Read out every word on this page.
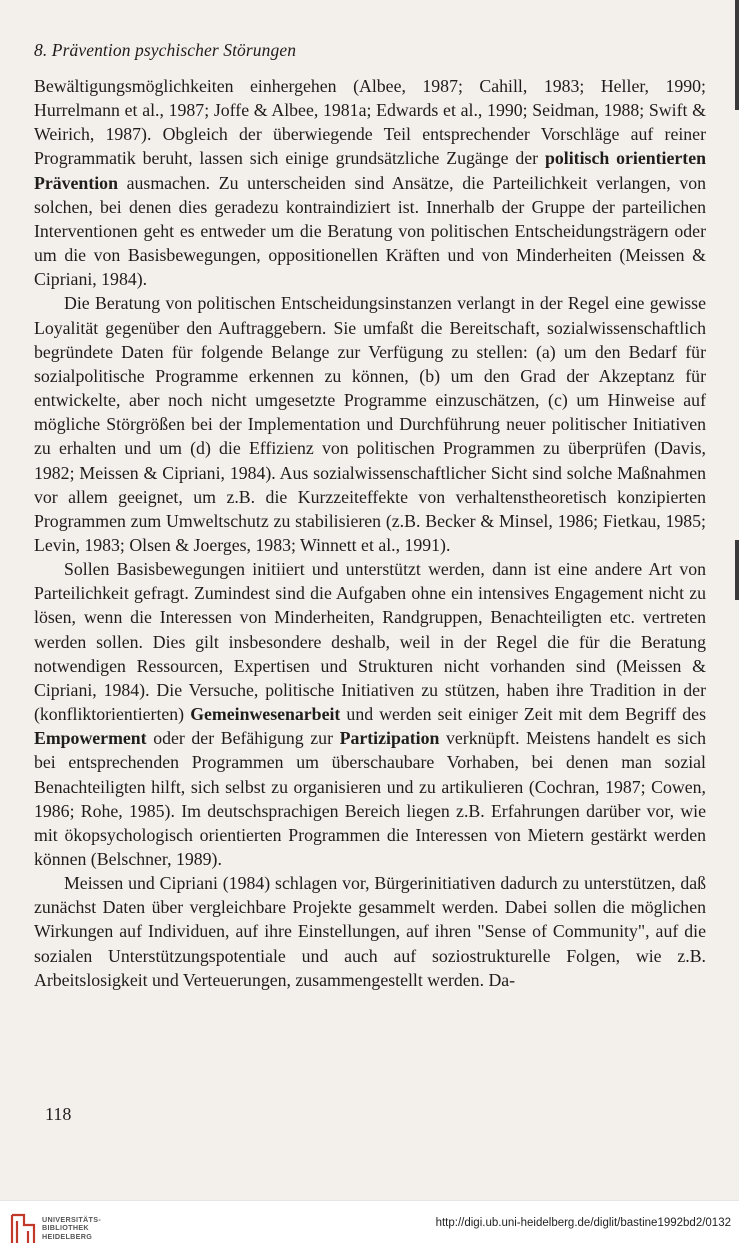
8. Prävention psychischer Störungen

Bewältigungsmöglichkeiten einhergehen (Albee, 1987; Cahill, 1983; Heller, 1990; Hurrelmann et al., 1987; Joffe & Albee, 1981a; Edwards et al., 1990; Seidman, 1988; Swift & Weirich, 1987). Obgleich der überwiegende Teil entsprechender Vorschläge auf reiner Programmatik beruht, lassen sich einige grundsätzliche Zugänge der politisch orientierten Prävention ausmachen. Zu unterscheiden sind Ansätze, die Parteilichkeit verlangen, von solchen, bei denen dies geradezu kontraindiziert ist. Innerhalb der Gruppe der parteilichen Interventionen geht es entweder um die Beratung von politischen Entscheidungsträgern oder um die von Basisbewegungen, oppositionellen Kräften und von Minderheiten (Meissen & Cipriani, 1984).

Die Beratung von politischen Entscheidungsinstanzen verlangt in der Regel eine gewisse Loyalität gegenüber den Auftraggebern. Sie umfaßt die Bereitschaft, sozialwissenschaftlich begründete Daten für folgende Belange zur Verfügung zu stellen: (a) um den Bedarf für sozialpolitische Programme erkennen zu können, (b) um den Grad der Akzeptanz für entwickelte, aber noch nicht umgesetzte Programme einzuschätzen, (c) um Hinweise auf mögliche Störgrößen bei der Implementation und Durchführung neuer politischer Initiativen zu erhalten und um (d) die Effizienz von politischen Programmen zu überprüfen (Davis, 1982; Meissen & Cipriani, 1984). Aus sozialwissenschaftlicher Sicht sind solche Maßnahmen vor allem geeignet, um z.B. die Kurzzeiteffekte von verhaltenstheoretisch konzipierten Programmen zum Umweltschutz zu stabilisieren (z.B. Becker & Minsel, 1986; Fietkau, 1985; Levin, 1983; Olsen & Joerges, 1983; Winnett et al., 1991).

Sollen Basisbewegungen initiiert und unterstützt werden, dann ist eine andere Art von Parteilichkeit gefragt. Zumindest sind die Aufgaben ohne ein intensives Engagement nicht zu lösen, wenn die Interessen von Minderheiten, Randgruppen, Benachteiligten etc. vertreten werden sollen. Dies gilt insbesondere deshalb, weil in der Regel die für die Beratung notwendigen Ressourcen, Expertisen und Strukturen nicht vorhanden sind (Meissen & Cipriani, 1984). Die Versuche, politische Initiativen zu stützen, haben ihre Tradition in der (konfliktorientierten) Gemeinwesenarbeit und werden seit einiger Zeit mit dem Begriff des Empowerment oder der Befähigung zur Partizipation verknüpft. Meistens handelt es sich bei entsprechenden Programmen um überschaubare Vorhaben, bei denen man sozial Benachteiligten hilft, sich selbst zu organisieren und zu artikulieren (Cochran, 1987; Cowen, 1986; Rohe, 1985). Im deutschsprachigen Bereich liegen z.B. Erfahrungen darüber vor, wie mit ökopsychologisch orientierten Programmen die Interessen von Mietern gestärkt werden können (Belschner, 1989).

Meissen und Cipriani (1984) schlagen vor, Bürgerinitiativen dadurch zu unterstützen, daß zunächst Daten über vergleichbare Projekte gesammelt werden. Dabei sollen die möglichen Wirkungen auf Individuen, auf ihre Einstellungen, auf ihren "Sense of Community", auf die sozialen Unterstützungspotentiale und auch auf soziostrukturelle Folgen, wie z.B. Arbeitslosigkeit und Verteuerungen, zusammengestellt werden. Da-

118
UNIVERSITÄTS-
BIBLIOTHEK
HEIDELBERG
http://digi.ub.uni-heidelberg.de/diglit/bastine1992bd2/0132
